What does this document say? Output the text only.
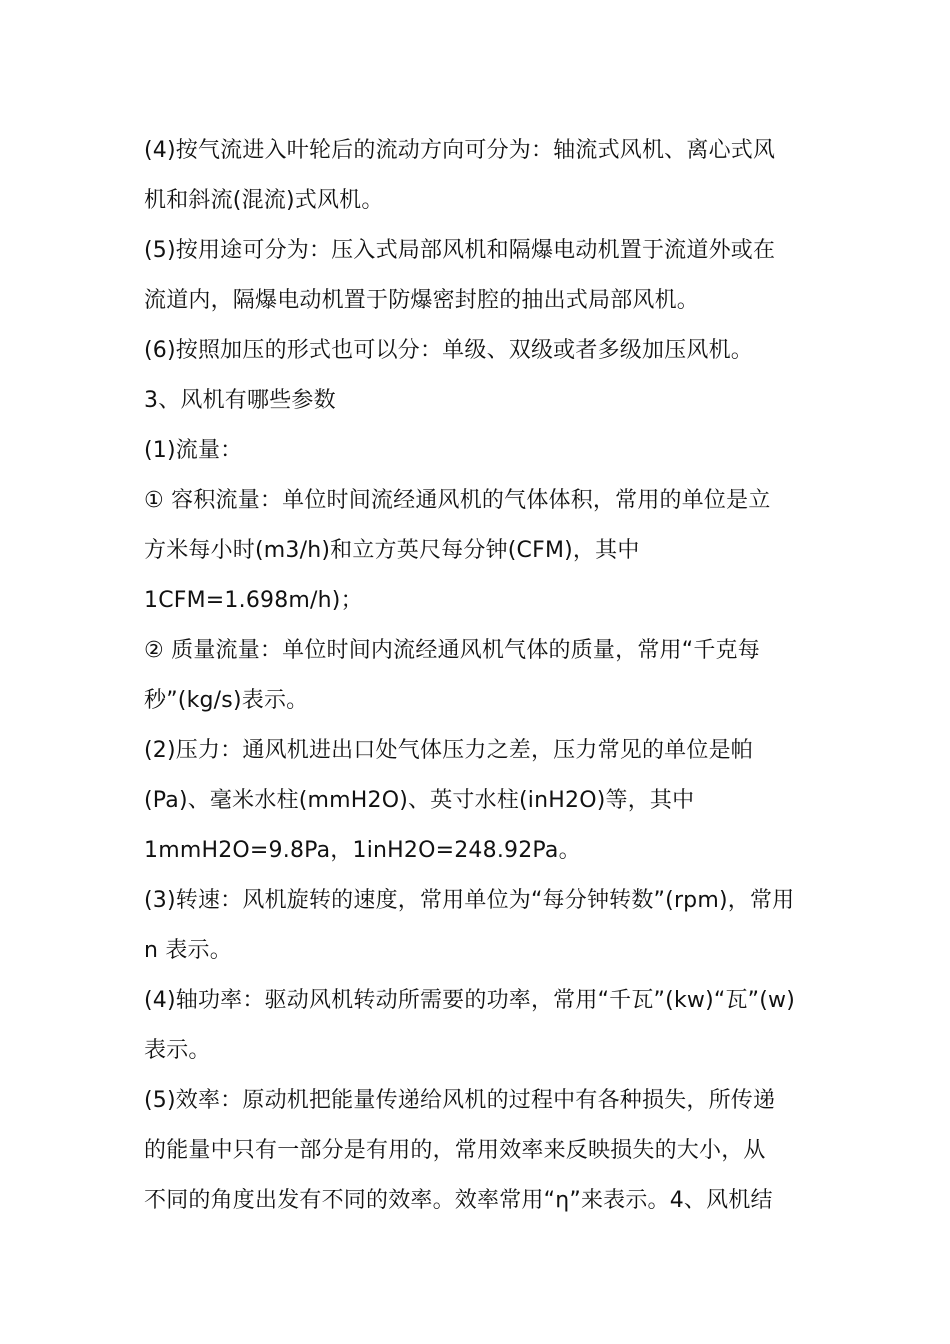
(4)按气流进入叶轮后的流动方向可分为：轴流式风机、离心式风
机和斜流(混流)式风机。
(5)按用途可分为：压入式局部风机和隔爆电动机置于流道外或在
流道内，隔爆电动机置于防爆密封腔的抽出式局部风机。
(6)按照加压的形式也可以分：单级、双级或者多级加压风机。
3、风机有哪些参数
(1)流量：
① 容积流量：单位时间流经通风机的气体体积，常用的单位是立
方米每小时(m3/h)和立方英尺每分钟(CFM)，其中
1CFM=1.698m/h)；
② 质量流量：单位时间内流经通风机气体的质量，常用“千克每
秒”(kg/s)表示。
(2)压力：通风机进出口处气体压力之差，压力常见的单位是帕
(Pa)、毫米水柱(mmH2O)、英寸水柱(inH2O)等，其中
1mmH2O=9.8Pa，1inH2O=248.92Pa。
(3)转速：风机旋转的速度，常用单位为“每分钟转数”(rpm)，常用
n 表示。
(4)轴功率：驱动风机转动所需要的功率，常用“千瓦”(kw)“瓦”(w)
表示。
(5)效率：原动机把能量传递给风机的过程中有各种损失，所传递
的能量中只有一部分是有用的，常用效率来反映损失的大小，从
不同的角度出发有不同的效率。效率常用“η”来表示。4、风机结
